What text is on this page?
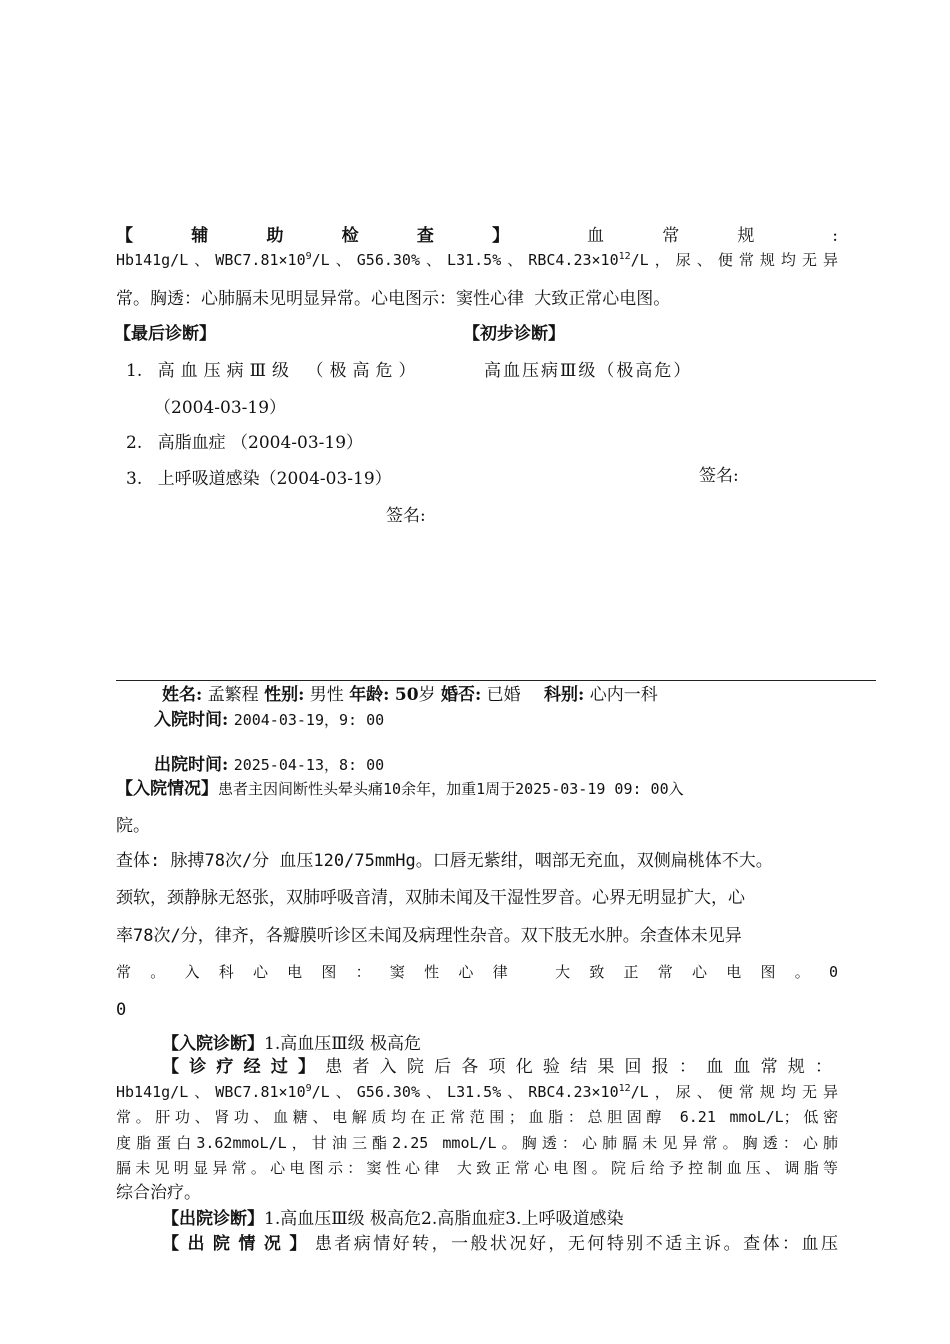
【辅助检查】 血常规 :
Hb141g/L、$WBC7.81\times 10^9/L$、G56.30%、L31.5%、$RBC4.23\times 10^{12}/L$，尿、便常规均无异
常。胸透：心肺膈未见明显异常。心电图示：窦性心律 大致正常心电图。
【最后诊断】
1. 高血压病Ⅲ级 （极高危）
（2004-03-19）
2. 高脂血症 （2004-03-19）
3. 上呼吸道感染（2004-03-19）
签名:
【初步诊断】
高血压病Ⅲ级（极高危）
签名:
姓名: 孟繁程 性别: 男性 年龄: 50岁 婚否: 已婚 科别: 心内一科
入院时间: 2004-03-19，9: 00
出院时间: 2025-04-13，8: 00
【入院情况】患者主因间断性头晕头痛10余年，加重1周于2025-03-19 09: 00入
院。
查体: 脉搏78次/分 血压120/75mmHg。口唇无紫绀，咽部无充血，双侧扁桃体不大。
颈软，颈静脉无怒张，双肺呼吸音清，双肺未闻及干湿性罗音。心界无明显扩大，心
率78次/分，律齐，各瓣膜听诊区未闻及病理性杂音。双下肢无水肿。余查体未见异
常。入科心电图：窦性心律 大致正常心电图。0
0
【入院诊断】1.高血压Ⅲ级 极高危
【诊疗经过】患者入院后各项化验结果回报：血血常规：
Hb141g/L、$WBC7.81\times 10^9/L$、G56.30%、L31.5%、$RBC4.23\times 10^{12}/L$，尿、便常规均无异
常。肝功、肾功、血糖、电解质均在正常范围；血脂：总胆固醇 6.21 mmoL/L；低密
度脂蛋白3.62mmoL/L，甘油三酯2.25 mmoL/L。胸透：心肺膈未见异常。胸透：心肺
膈未见明显异常。心电图示：窦性心律 大致正常心电图。院后给予控制血压、调脂等
综合治疗。
【出院诊断】1.高血压Ⅲ级 极高危2.高脂血症3.上呼吸道感染
【出院情况】患者病情好转，一般状况好，无何特别不适主诉。查体：血压
